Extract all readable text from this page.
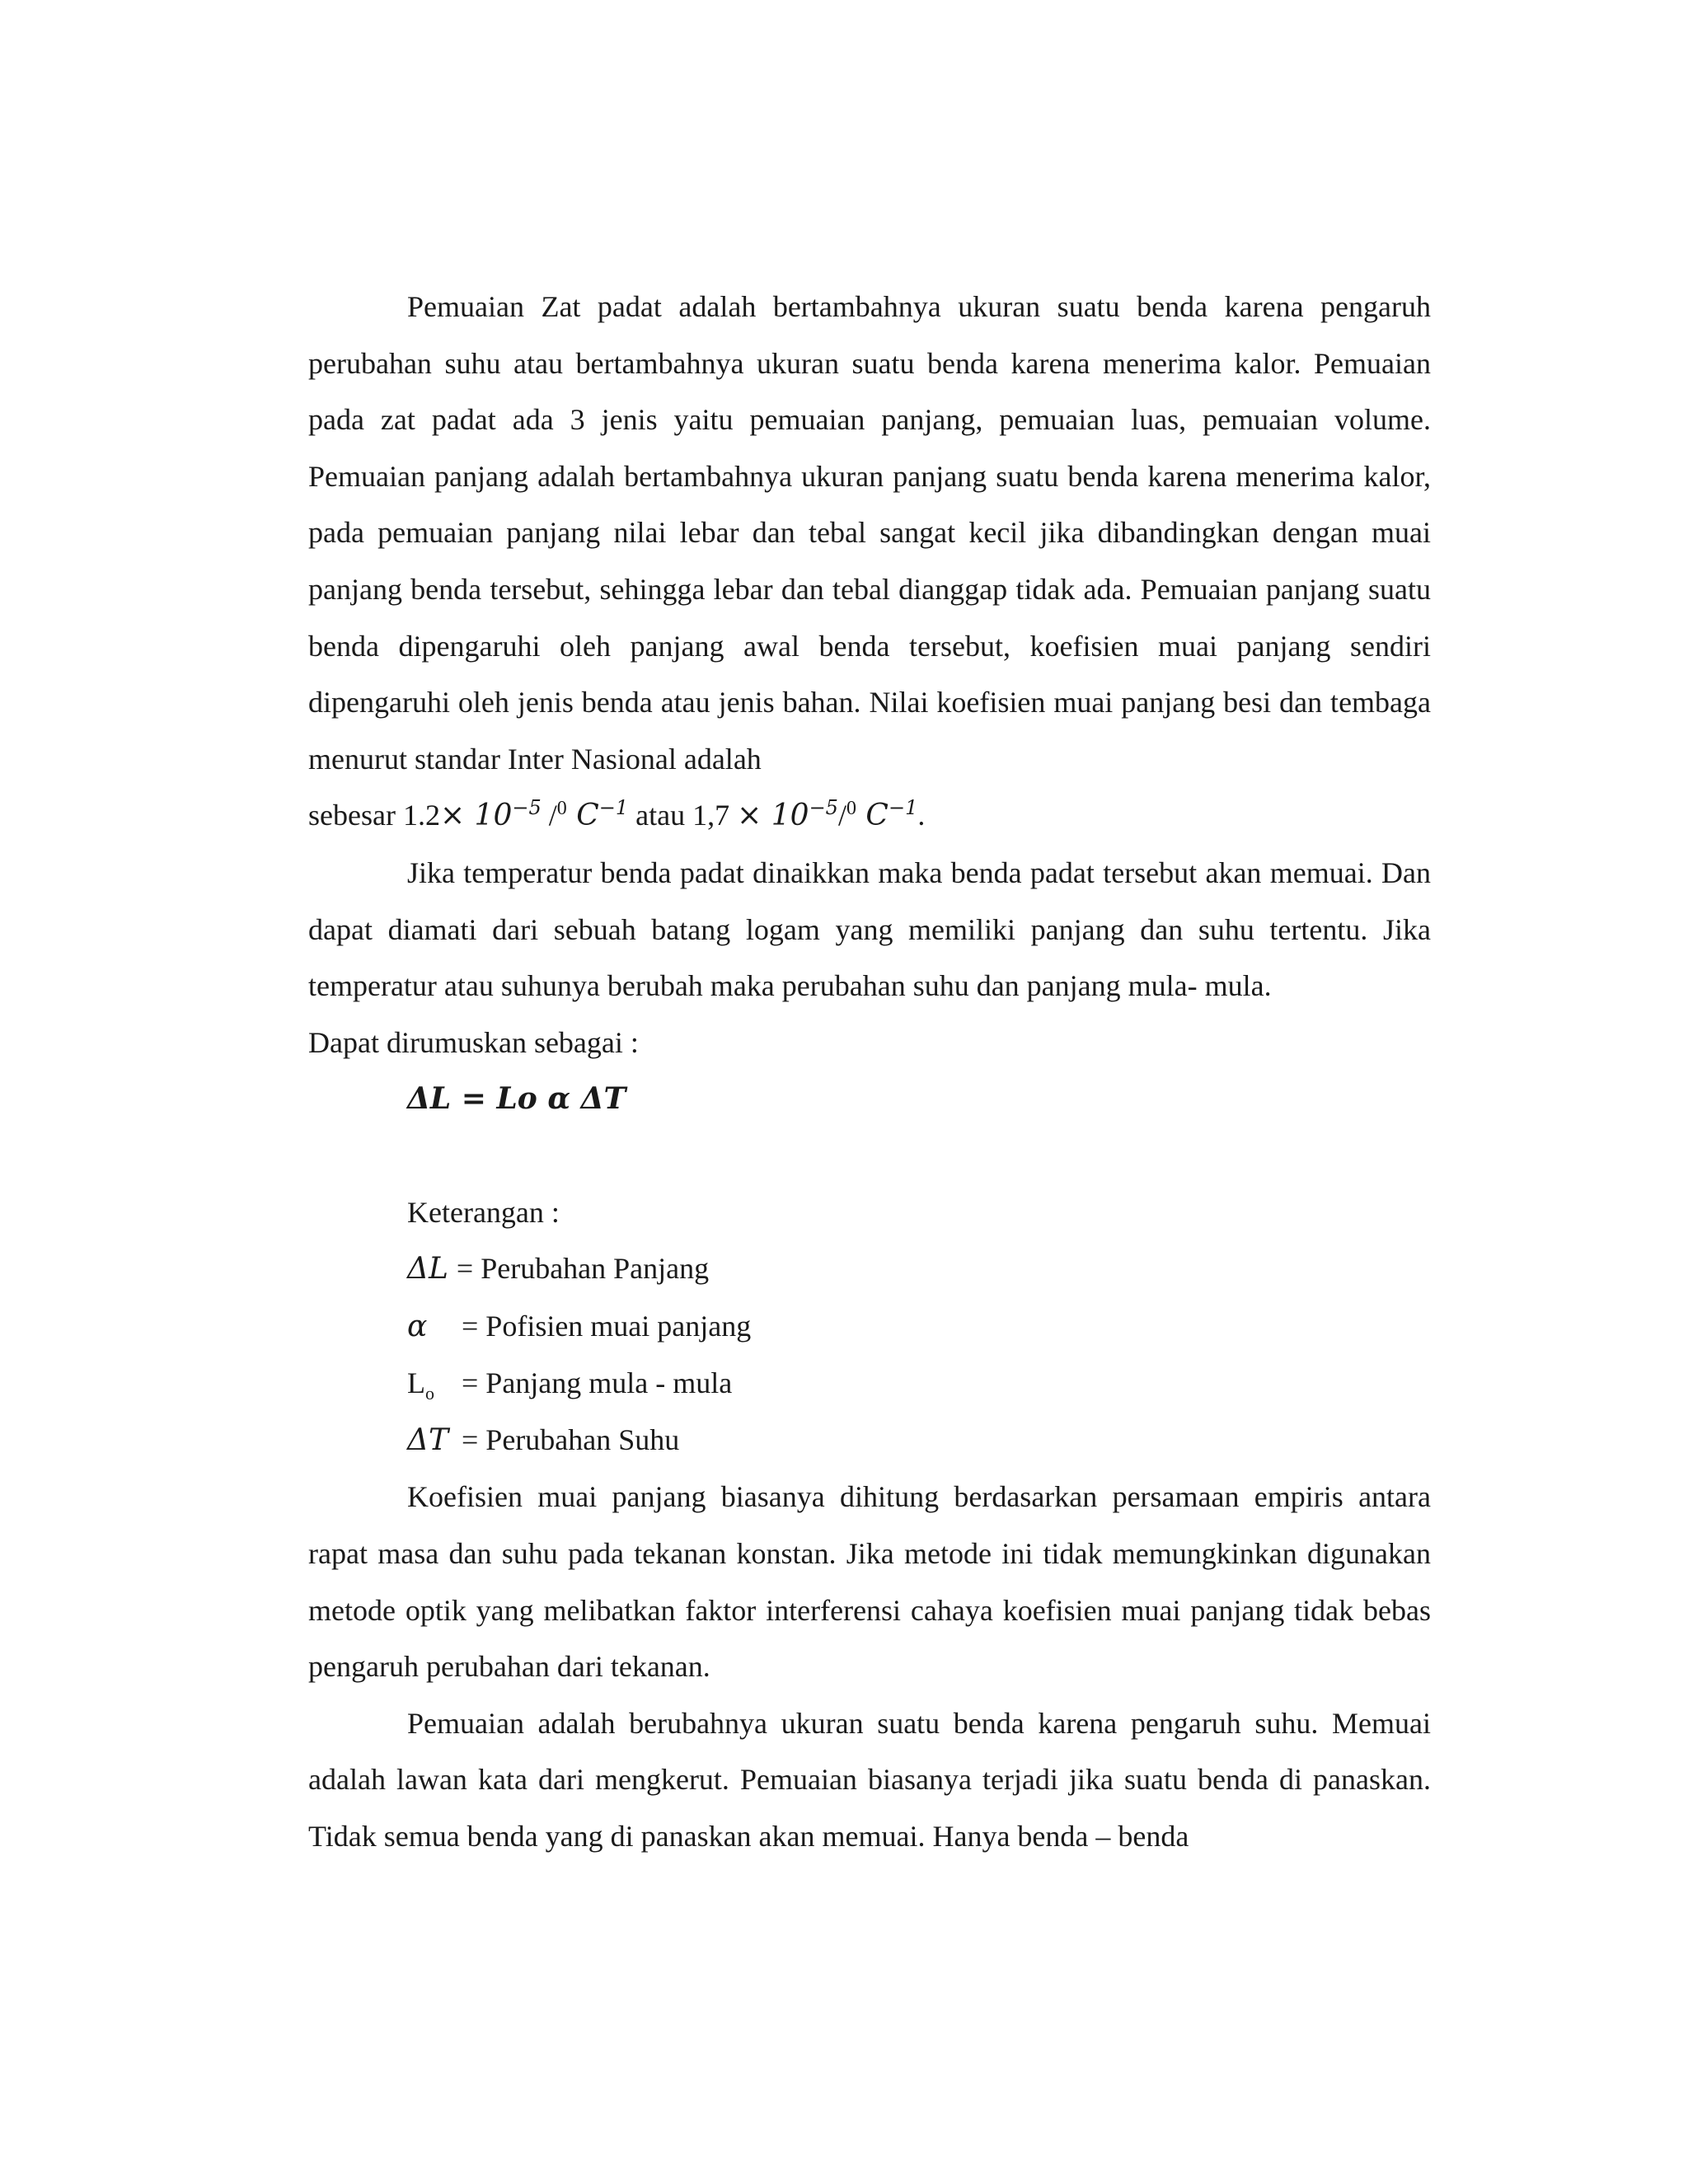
Pemuaian Zat padat adalah bertambahnya ukuran suatu benda karena pengaruh perubahan suhu atau bertambahnya ukuran suatu benda karena menerima kalor. Pemuaian pada zat padat ada 3 jenis yaitu pemuaian panjang, pemuaian luas, pemuaian volume. Pemuaian panjang adalah bertambahnya ukuran panjang suatu benda karena menerima kalor, pada pemuaian panjang nilai lebar dan tebal sangat kecil jika dibandingkan dengan muai panjang benda tersebut, sehingga lebar dan tebal dianggap tidak ada. Pemuaian panjang suatu benda dipengaruhi oleh panjang awal benda tersebut, koefisien muai panjang sendiri dipengaruhi oleh jenis benda atau jenis bahan. Nilai koefisien muai panjang besi dan tembaga menurut standar Inter Nasional adalah

sebesar $1.2\times 10^{-5}$ /$^0$ $C^{-1}$ atau $1,7 \times 10^{-5}/^0$ $C^{-1}$.

Jika temperatur benda padat dinaikkan maka benda padat tersebut akan memuai. Dan dapat diamati dari sebuah batang logam yang memiliki panjang dan suhu tertentu. Jika temperatur atau suhunya berubah maka perubahan suhu dan panjang mula- mula.

Dapat dirumuskan sebagai :

ΔL = Lo α ΔT

Keterangan :

ΔL = Perubahan Panjang

α = Pofisien muai panjang

$L_o$ = Panjang mula - mula

ΔT = Perubahan Suhu

Koefisien muai panjang biasanya dihitung berdasarkan persamaan empiris antara rapat masa dan suhu pada tekanan konstan. Jika metode ini tidak memungkinkan digunakan metode optik yang melibatkan faktor interferensi cahaya koefisien muai panjang tidak bebas pengaruh perubahan dari tekanan.

Pemuaian adalah berubahnya ukuran suatu benda karena pengaruh suhu. Memuai adalah lawan kata dari mengkerut. Pemuaian biasanya terjadi jika suatu benda di panaskan. Tidak semua benda yang di panaskan akan memuai. Hanya benda – benda
